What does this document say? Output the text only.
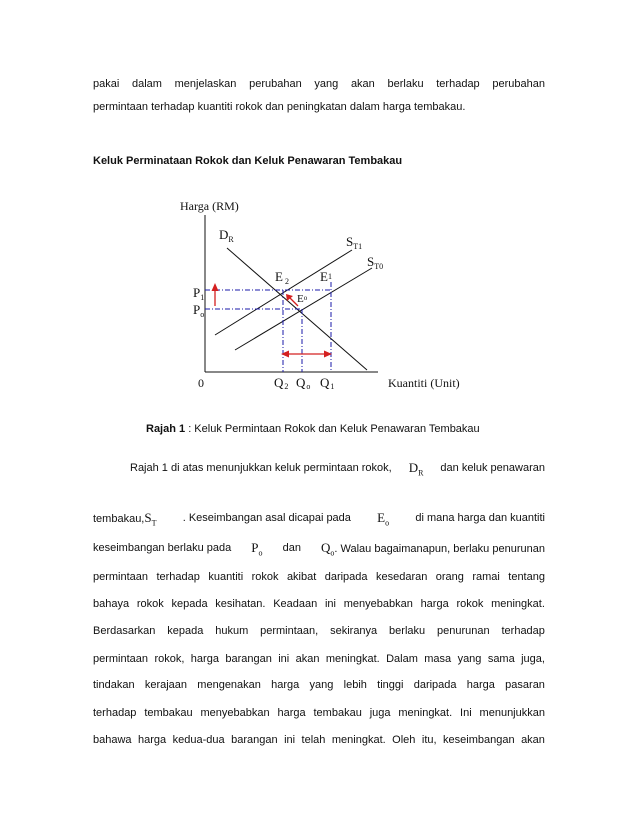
pakai dalam menjelaskan perubahan yang akan berlaku terhadap perubahan
permintaan terhadap kuantiti rokok dan peningkatan dalam harga tembakau.
Keluk Perminataan Rokok dan Keluk Penawaran Tembakau
Harga (RM)
Kuantiti (Unit)
0
$D_R$	$S_{T1}$
$S_{T0}$
E $_2$ E1
Eo
$P_1$
$P_o$
Q2 Qo Q1
Rajah 1 : Keluk Permintaan Rokok dan Keluk Penawaran Tembakau
Rajah 1 di atas menunjukkan keluk permintaan rokok, $D_R$ dan keluk penawaran
$tembakau,S_T$ . Keseimbangan asal dicapai pada $E_o$ di mana harga dan kuantiti
keseimbangan berlaku pada $P_o$ dan $Q_o$. Walau bagaimanapun, berlaku penurunan
permintaan terhadap kuantiti rokok akibat daripada kesedaran orang ramai tentang
bahaya rokok kepada kesihatan. Keadaan ini menyebabkan harga rokok meningkat.
Berdasarkan kepada hukum permintaan, sekiranya berlaku penurunan terhadap
permintaan rokok, harga barangan ini akan meningkat. Dalam masa yang sama juga,
tindakan kerajaan mengenakan harga yang lebih tinggi daripada harga pasaran
terhadap tembakau menyebabkan harga tembakau juga meningkat. Ini menunjukkan
bahawa harga kedua-dua barangan ini telah meningkat. Oleh itu, keseimbangan akan
